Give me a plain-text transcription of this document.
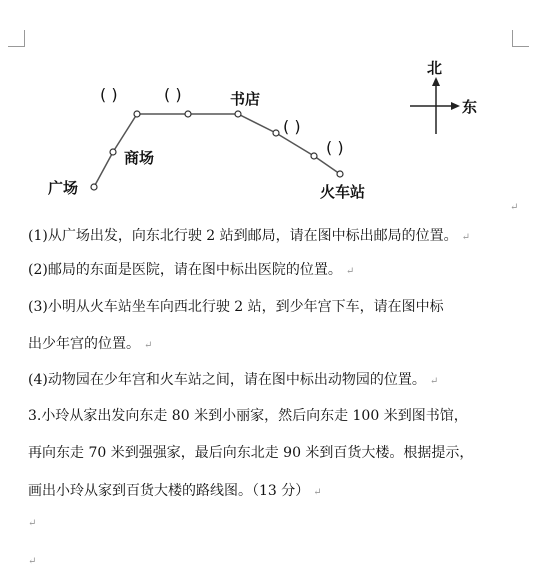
广场
商场
书店
火车站
( )	( )
( )
( )
北
东
↵
(1)从广场出发，向东北行驶 2 站到邮局，请在图中标出邮局的位置。 ↵
(2)邮局的东面是医院，请在图中标出医院的位置。 ↵
(3)小明从火车站坐车向西北行驶 2 站，到少年宫下车，请在图中标
出少年宫的位置。 ↵
(4)动物园在少年宫和火车站之间，请在图中标出动物园的位置。 ↵
3.小玲从家出发向东走 80 米到小丽家，然后向东走 100 米到图书馆，
再向东走 70 米到强强家，最后向东北走 90 米到百货大楼。根据提示，
画出小玲从家到百货大楼的路线图。（13 分） ↵
↵
↵
